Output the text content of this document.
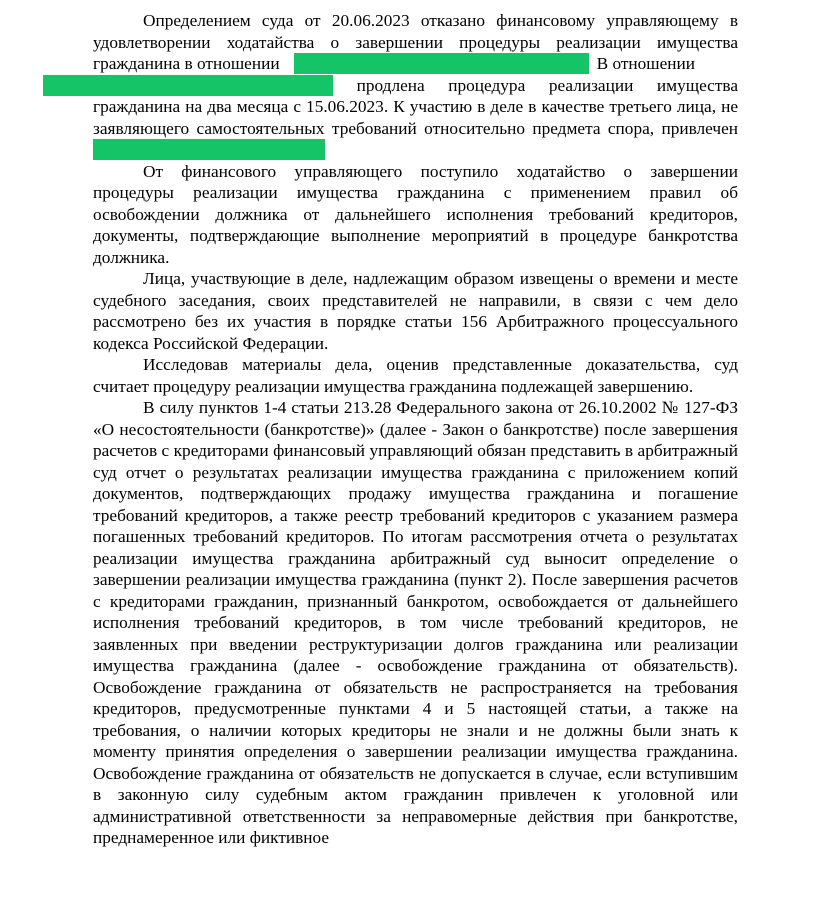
Определением суда от 20.06.2023 отказано финансовому управляющему в удовлетворении ходатайства о завершении процедуры реализации имущества гражданина в отношении	В отношении
продлена процедура реализации имущества гражданина на два месяца с 15.06.2023. К участию в деле в качестве третьего лица, не заявляющего самостоятельных требований относительно предмета спора, привлечен

От финансового управляющего поступило ходатайство о завершении процедуры реализации имущества гражданина с применением правил об освобождении должника от дальнейшего исполнения требований кредиторов, документы, подтверждающие выполнение мероприятий в процедуре банкротства должника.

Лица, участвующие в деле, надлежащим образом извещены о времени и месте судебного заседания, своих представителей не направили, в связи с чем дело рассмотрено без их участия в порядке статьи 156 Арбитражного процессуального кодекса Российской Федерации.

Исследовав материалы дела, оценив представленные доказательства, суд считает процедуру реализации имущества гражданина подлежащей завершению.

В силу пунктов 1-4 статьи 213.28 Федерального закона от 26.10.2002 № 127-ФЗ «О несостоятельности (банкротстве)» (далее - Закон о банкротстве) после завершения расчетов с кредиторами финансовый управляющий обязан представить в арбитражный суд отчет о результатах реализации имущества гражданина с приложением копий документов, подтверждающих продажу имущества гражданина и погашение требований кредиторов, а также реестр требований кредиторов с указанием размера погашенных требований кредиторов. По итогам рассмотрения отчета о результатах реализации имущества гражданина арбитражный суд выносит определение о завершении реализации имущества гражданина (пункт 2). После завершения расчетов с кредиторами гражданин, признанный банкротом, освобождается от дальнейшего исполнения требований кредиторов, в том числе требований кредиторов, не заявленных при введении реструктуризации долгов гражданина или реализации имущества гражданина (далее - освобождение гражданина от обязательств). Освобождение гражданина от обязательств не распространяется на требования кредиторов, предусмотренные пунктами 4 и 5 настоящей статьи, а также на требования, о наличии которых кредиторы не знали и не должны были знать к моменту принятия определения о завершении реализации имущества гражданина. Освобождение гражданина от обязательств не допускается в случае, если вступившим в законную силу судебным актом гражданин привлечен к уголовной или административной ответственности за неправомерные действия при банкротстве, преднамеренное или фиктивное
